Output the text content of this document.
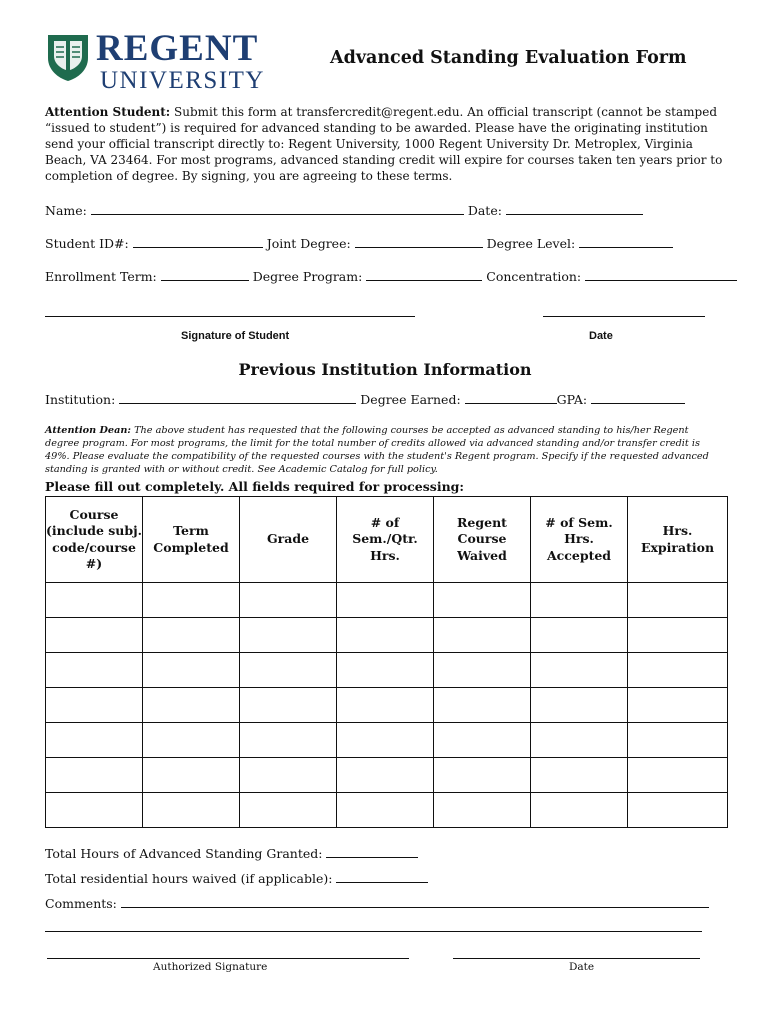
REGENT
UNIVERSITY
Advanced Standing Evaluation Form
Attention Student: Submit this form at transfercredit@regent.edu. An official transcript (cannot be stamped “issued to student”) is required for advanced standing to be awarded. Please have the originating institution send your official transcript directly to: Regent University, 1000 Regent University Dr. Metroplex, Virginia Beach, VA 23464. For most programs, advanced standing credit will expire for courses taken ten years prior to completion of degree. By signing, you are agreeing to these terms.
Name:	Date:
Student ID#:	Joint Degree:	Degree Level:
Enrollment Term:	Degree Program:	Concentration:
Signature of Student	Date
Previous Institution Information
Institution:	Degree Earned:	GPA:
Attention Dean: The above student has requested that the following courses be accepted as advanced standing to his/her Regent degree program. For most programs, the limit for the total number of credits allowed via advanced standing and/or transfer credit is 49%. Please evaluate the compatibility of the requested courses with the student's Regent program. Specify if the requested advanced standing is granted with or without credit. See Academic Catalog for full policy.
Please fill out completely. All fields required for processing:
Course (include subj. code/course #)	Term Completed	Grade	# of Sem./Qtr. Hrs.	Regent Course Waived	# of Sem. Hrs. Accepted	Hrs. Expiration

Total Hours of Advanced Standing Granted:
Total residential hours waived (if applicable):
Comments:
Authorized Signature	Date
